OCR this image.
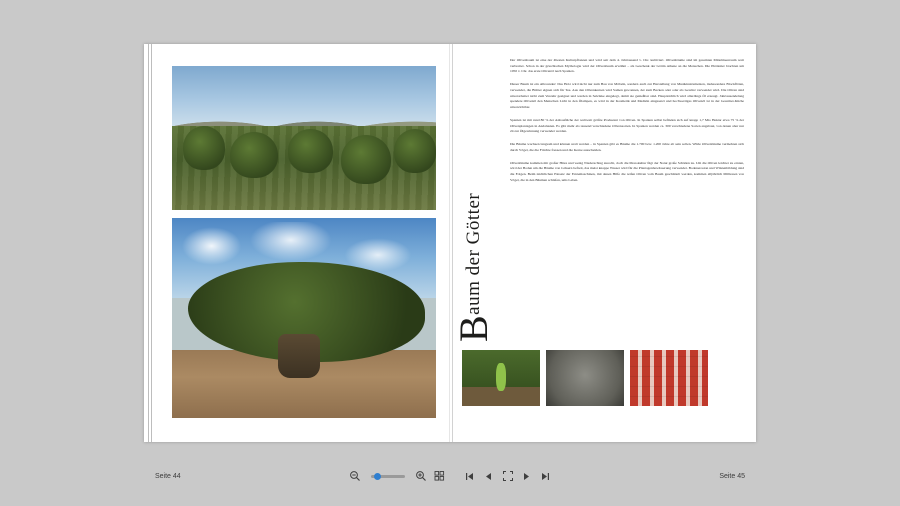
Baum der Götter

Der Olivenbaum ist eine der ältesten Kulturpflanzen und wird seit dem 4. Jahrtausend v. Chr. kultiviert. Olivenbäume sind im gesamten Mittelmeerraum weit verbreitet. Schon in der griechischen Mythologie wird der Olivenbaum erwähnt – als Geschenk der Göttin Athene an die Menschen. Die Phönizier brachten um 1050 v. Chr. das erste Olivenöl nach Spanien.

Dieser Baum ist ein Allrounder: Das Holz wird nicht nur zum Bau von Möbeln, sondern auch zur Herstellung von Musikinstrumenten, insbesondere Blockflöten, verwendet, die Blätter eignen sich für Tee. Aus den Olivenkernen wird Samen gewonnen, der zum Backen oder oder als Gewürz verwendet wird. Die Oliven sind unverarbeitet nicht zum Verzehr geeignet und werden in Salzlake eingelegt, damit sie genießbar sind. Hauptsächlich wird allerdings Öl erzeugt. Jahrtausendelang spendete Olivenöl den Menschen Licht in den Ölampen, es wird in der Kosmetik und Medizin eingesetzt und hochwertiges Olivenöl ist in der Gourmet-Küche unverzichtbar.

Spanien ist mit rund 80 % der Anbaufläche der weltweit größte Produzent von Oliven. In Spanien selbst befinden sich auf knapp 1,7 Mio Hektar etwa 75 % der Olivenplantagen in Andalusien. Es gibt mehr als tausend verschiedene Olivensorten. In Spanien werden ca. 300 verschiedene Sorten angebaut, von denen aber nur 24 zur Ölgewinnung verwendet werden.

Die Bäume wachsen langsam und können uralt werden – in Spanien gibt es Bäume die 1.700 bzw. 1.200 Jahre alt sein sollen. Wilde Olivenbäume vermehren sich durch Vögel, die die Früchte fressen und die Kerne ausscheiden.

Olivenbäume kommen mit großer Hitze und wenig Niederschlag zurecht, doch die Monokultur fügt der Natur große Schäden zu. Um die Oliven leichter zu ernten, wird der Boden um die Bäume von Gräsern befreit, das meist knappe Wasser wird für die Plantagenbewässerung verwendet. Bodenerosion und Wüstenbildung sind die Folgen. Beim nächtlichen Einsatz der Erntemaschinen, mit denen Hilfe die reifen Oliven vom Baum geschüttelt werden, kommen alljährlich Millionen von Vögel, die in den Bäumen schlafen, ums Leben.

Seite 44	Seite 45
